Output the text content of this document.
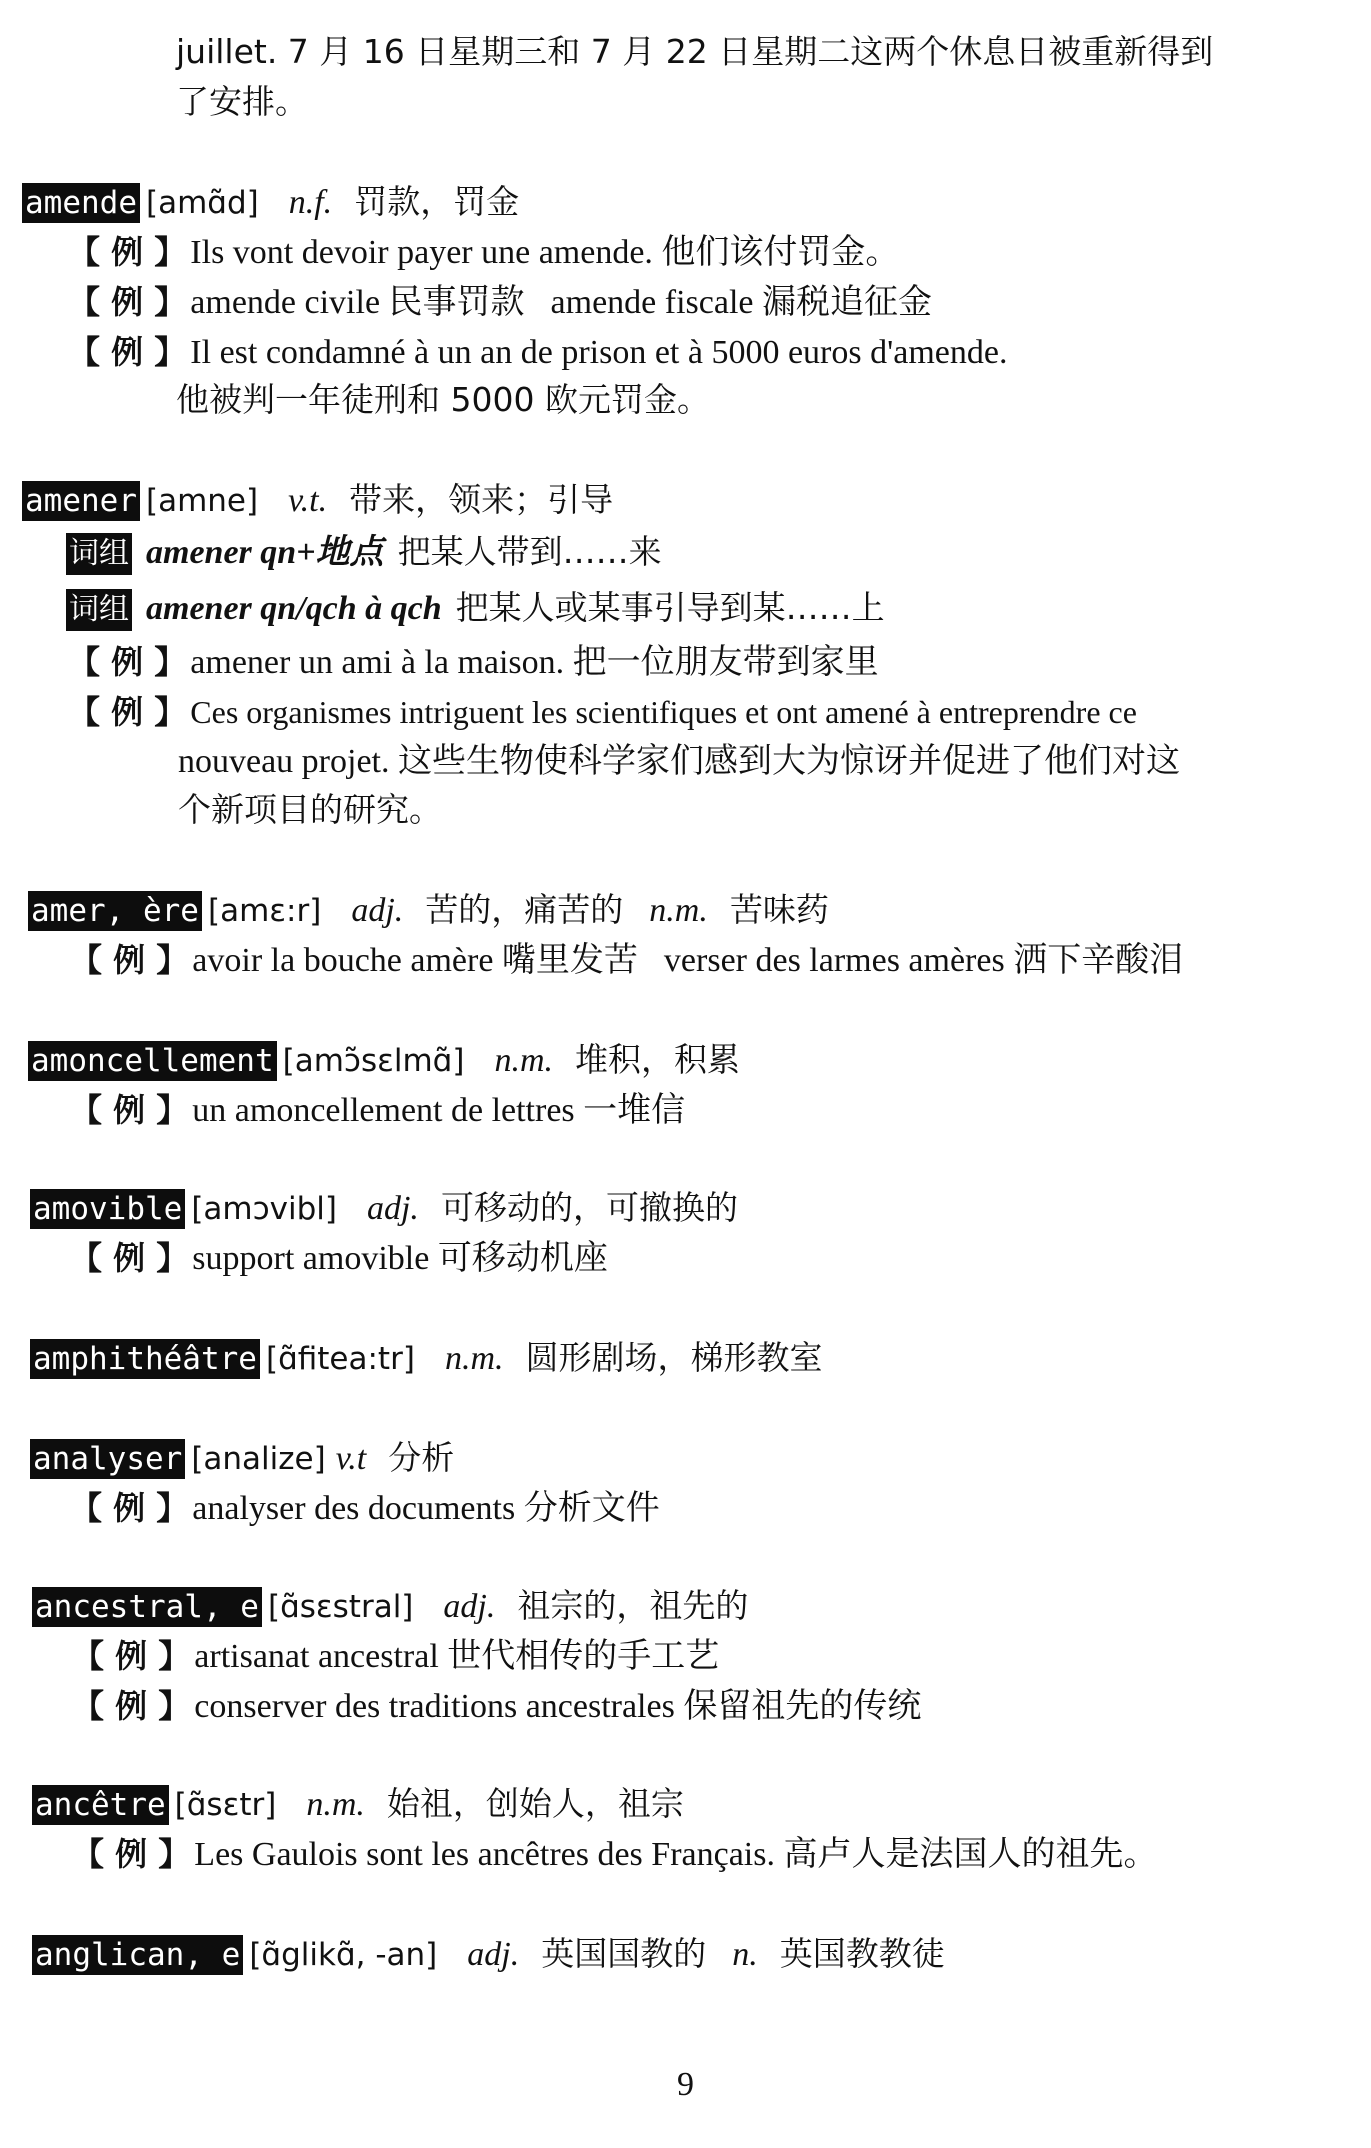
juillet. 7 月 16 日星期三和 7 月 22 日星期二这两个休息日被重新得到
了安排。
amende [amɑ̃d] n.f. 罚款，罚金
【 例 】 Ils vont devoir payer une amende. 他们该付罚金。
【 例 】 amende civile 民事罚款 amende fiscale 漏税追征金
【 例 】 Il est condamné à un an de prison et à 5000 euros d'amende.
他被判一年徒刑和 5000 欧元罚金。
amener [amne] v.t. 带来，领来；引导
词组 amener qn+地点 把某人带到……来
词组 amener qn/qch à qch 把某人或某事引导到某……上
【 例 】 amener un ami à la maison. 把一位朋友带到家里
【 例 】 Ces organismes intriguent les scientifiques et ont amené à entreprendre ce
nouveau projet. 这些生物使科学家们感到大为惊讶并促进了他们对这
个新项目的研究。
amer, ère [amɛ:r] adj. 苦的，痛苦的 n.m. 苦味药
【 例 】 avoir la bouche amère 嘴里发苦 verser des larmes amères 洒下辛酸泪
amoncellement [amɔ̃sɛlmɑ̃] n.m. 堆积，积累
【 例 】 un amoncellement de lettres 一堆信
amovible [amɔvibl] adj. 可移动的，可撤换的
【 例 】 support amovible 可移动机座
amphithéâtre [ɑ̃fitea:tr] n.m. 圆形剧场，梯形教室
analyser [analize] v.t 分析
【 例 】 analyser des documents 分析文件
ancestral, e [ɑ̃sɛstral] adj. 祖宗的，祖先的
【 例 】 artisanat ancestral 世代相传的手工艺
【 例 】 conserver des traditions ancestrales 保留祖先的传统
ancêtre [ɑ̃sɛtr] n.m. 始祖，创始人，祖宗
【 例 】 Les Gaulois sont les ancêtres des Français. 高卢人是法国人的祖先。
anglican, e [ɑ̃glikɑ̃, -an] adj. 英国国教的 n. 英国教教徒
9
